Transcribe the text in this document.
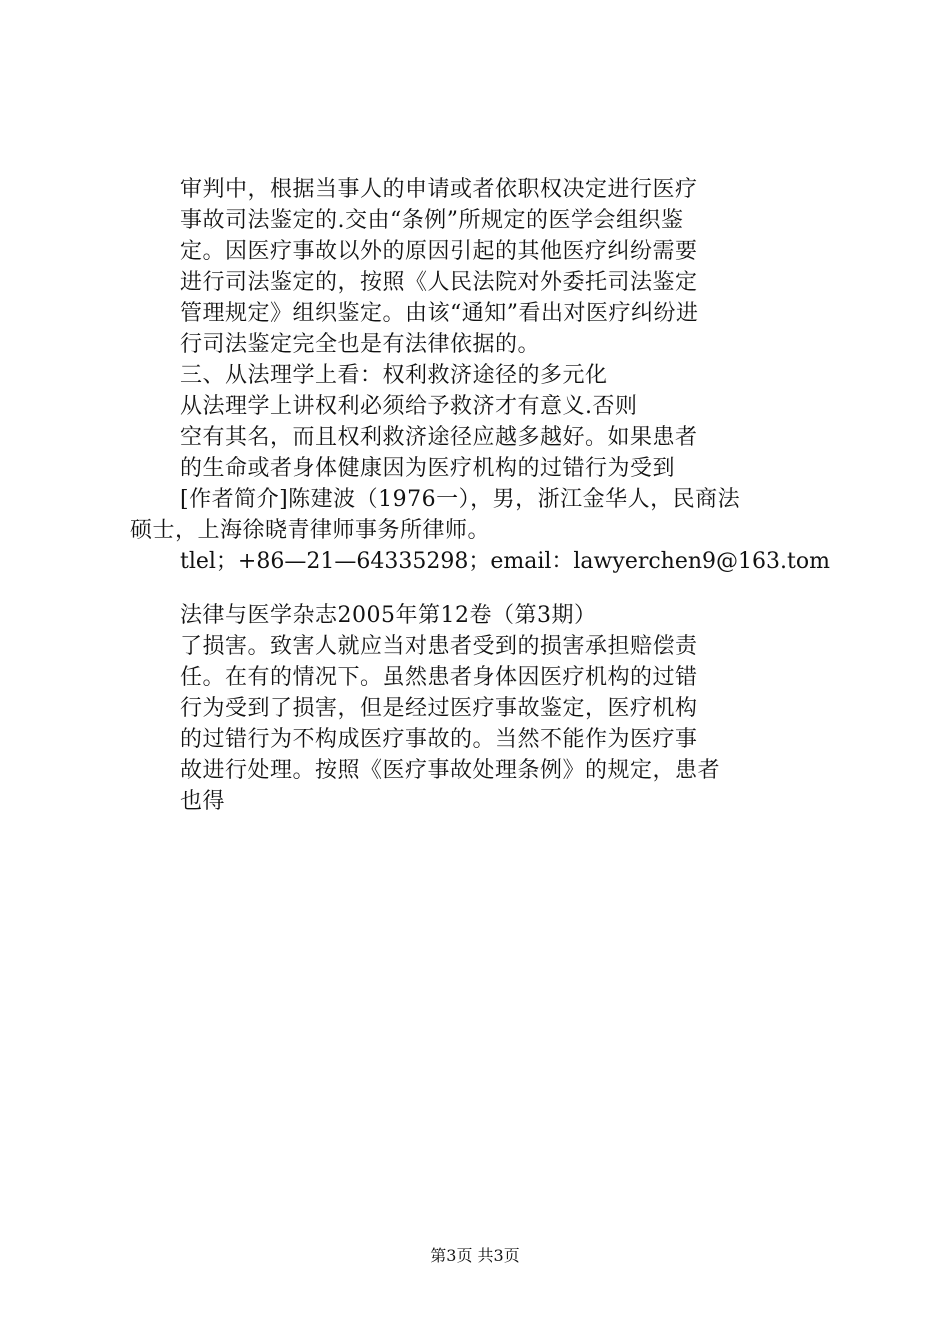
审判中，根据当事人的申请或者依职权决定进行医疗
事故司法鉴定的.交由“条例”所规定的医学会组织鉴
定。因医疗事故以外的原因引起的其他医疗纠纷需要
进行司法鉴定的，按照《人民法院对外委托司法鉴定
管理规定》组织鉴定。由该“通知”看出对医疗纠纷进
行司法鉴定完全也是有法律依据的。
三、从法理学上看：权利救济途径的多元化
从法理学上讲权利必须给予救济才有意义.否则
空有其名，而且权利救济途径应越多越好。如果患者
的生命或者身体健康因为医疗机构的过错行为受到
[作者简介]陈建波（1976一），男，浙江金华人，民商法
硕士，上海徐晓青律师事务所律师。
tlel；+86—21—64335298；email：lawyerchen9@163.tom
法律与医学杂志2005年第12卷（第3期）
了损害。致害人就应当对患者受到的损害承担赔偿责
任。在有的情况下。虽然患者身体因医疗机构的过错
行为受到了损害，但是经过医疗事故鉴定，医疗机构
的过错行为不构成医疗事故的。当然不能作为医疗事
故进行处理。按照《医疗事故处理条例》的规定，患者
也得
第3页 共3页
